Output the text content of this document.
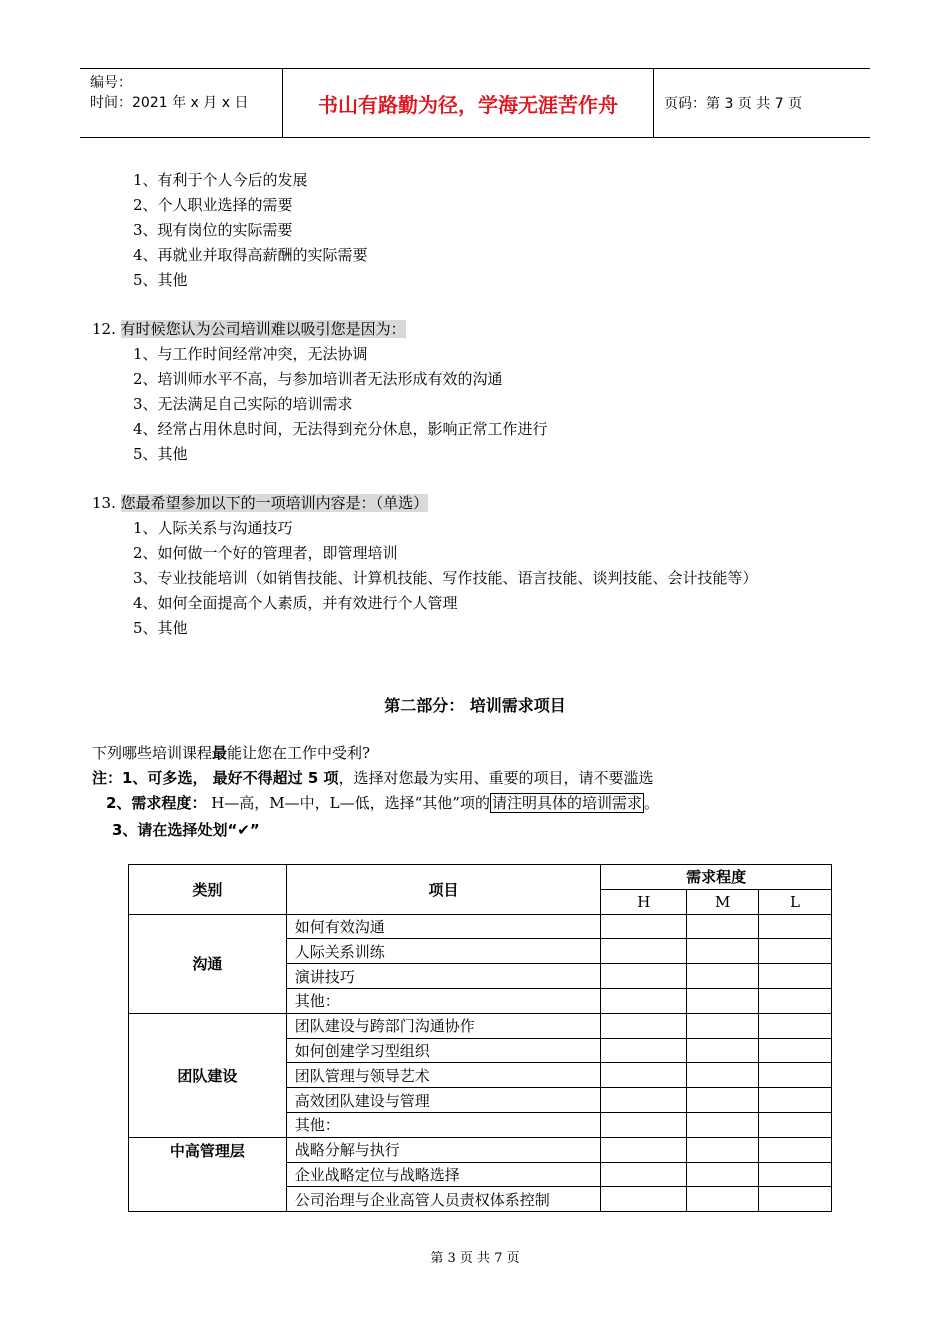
编号：
时间：2021 年 x 月 x 日	书山有路勤为径，学海无涯苦作舟	页码：第 3 页 共 7 页
1、有利于个人今后的发展
2、个人职业选择的需要
3、现有岗位的实际需要
4、再就业并取得高薪酬的实际需要
5、其他
12. 有时候您认为公司培训难以吸引您是因为：
1、与工作时间经常冲突，无法协调
2、培训师水平不高，与参加培训者无法形成有效的沟通
3、无法满足自己实际的培训需求
4、经常占用休息时间，无法得到充分休息，影响正常工作进行
5、其他
13. 您最希望参加以下的一项培训内容是：（单选）
1、人际关系与沟通技巧
2、如何做一个好的管理者，即管理培训
3、专业技能培训（如销售技能、计算机技能、写作技能、语言技能、谈判技能、会计技能等）
4、如何全面提高个人素质，并有效进行个人管理
5、其他
第二部分： 培训需求项目
下列哪些培训课程最能让您在工作中受利?
注：1、可多选， 最好不得超过 5 项，选择对您最为实用、重要的项目，请不要滥选
2、需求程度： H—高，M—中，L—低，选择“其他”项的 请注明具体的培训需求 。
3、请在选择处划“✔”
类别	项目	需求程度		
		H	M	L
沟通	如何有效沟通			
	人际关系训练			
	演讲技巧			
	其他：			
团队建设	团队建设与跨部门沟通协作			
	如何创建学习型组织			
	团队管理与领导艺术			
	高效团队建设与管理			
	其他：			
中高管理层	战略分解与执行			
	企业战略定位与战略选择			
	公司治理与企业高管人员责权体系控制			
第 3 页 共 7 页
